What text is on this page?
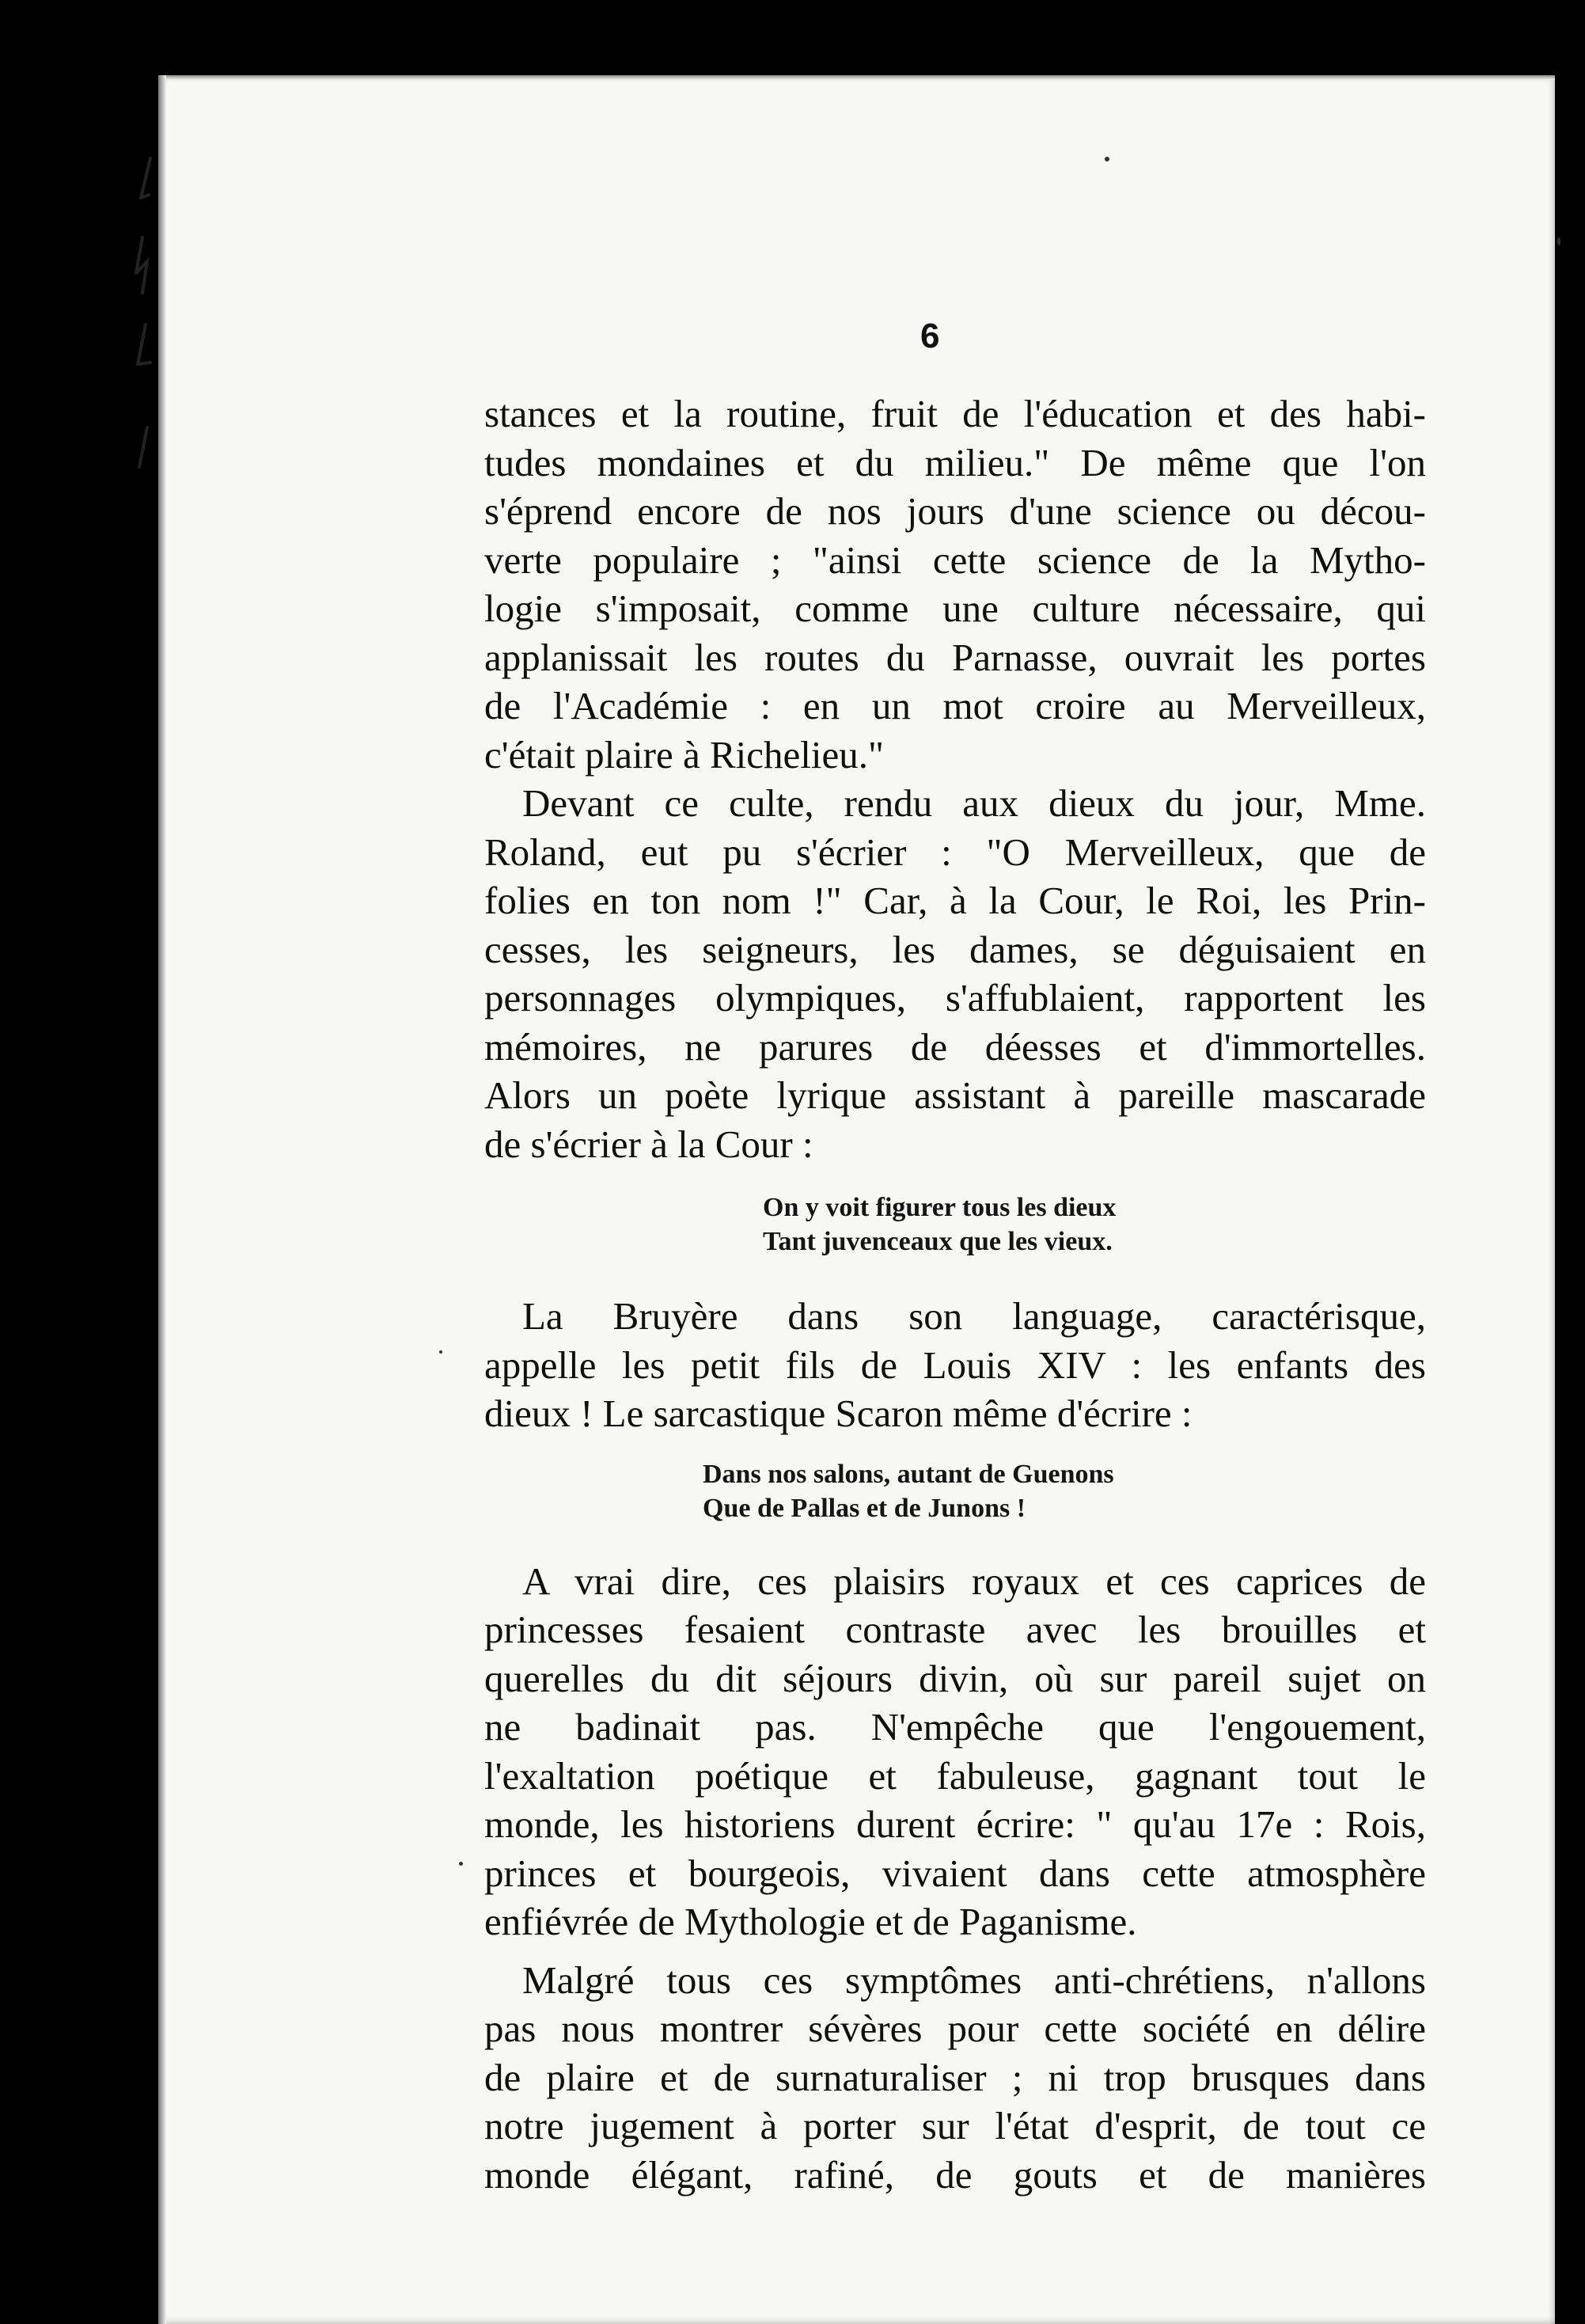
6
stances et la routine, fruit de l'éducation et des habi-
tudes mondaines et du milieu." De même que l'on
s'éprend encore de nos jours d'une science ou décou-
verte populaire ; "ainsi cette science de la Mytho-
logie s'imposait, comme une culture nécessaire, qui
applanissait les routes du Parnasse, ouvrait les portes
de l'Académie : en un mot croire au Merveilleux,
c'était plaire à Richelieu."
Devant ce culte, rendu aux dieux du jour, Mme.
Roland, eut pu s'écrier : "O Merveilleux, que de
folies en ton nom !" Car, à la Cour, le Roi, les Prin-
cesses, les seigneurs, les dames, se déguisaient en
personnages olympiques, s'affublaient, rapportent les
mémoires, ne parures de déesses et d'immortelles.
Alors un poète lyrique assistant à pareille mascarade
de s'écrier à la Cour :
On y voit figurer tous les dieux
Tant juvenceaux que les vieux.
La Bruyère dans son language, caractérisque,
appelle les petit fils de Louis XIV : les enfants des
dieux ! Le sarcastique Scaron même d'écrire :
Dans nos salons, autant de Guenons
Que de Pallas et de Junons !
A vrai dire, ces plaisirs royaux et ces caprices de
princesses fesaient contraste avec les brouilles et
querelles du dit séjours divin, où sur pareil sujet on
ne badinait pas. N'empêche que l'engouement,
l'exaltation poétique et fabuleuse, gagnant tout le
monde, les historiens durent écrire: " qu'au 17e : Rois,
princes et bourgeois, vivaient dans cette atmosphère
enfiévrée de Mythologie et de Paganisme.
Malgré tous ces symptômes anti-chrétiens, n'allons
pas nous montrer sévères pour cette société en délire
de plaire et de surnaturaliser ; ni trop brusques dans
notre jugement à porter sur l'état d'esprit, de tout ce
monde élégant, rafiné, de gouts et de manières
